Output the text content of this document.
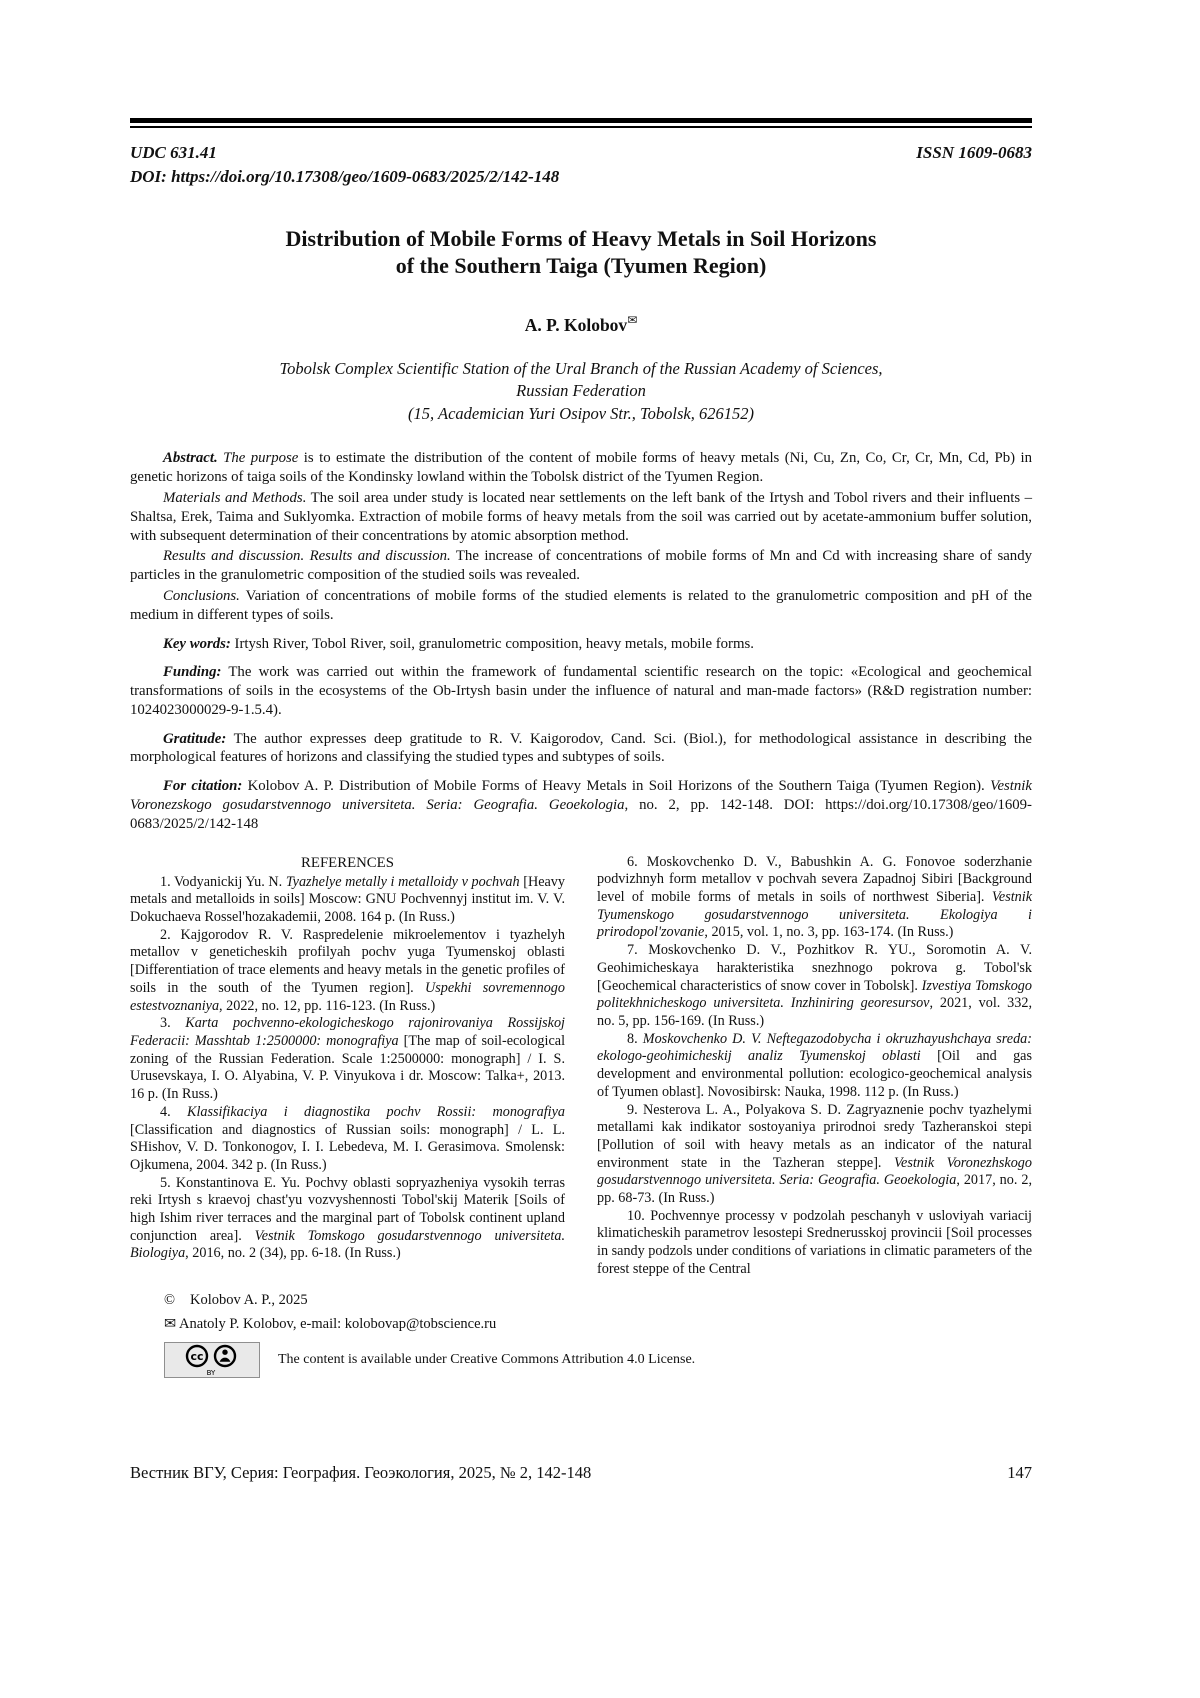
UDC 631.41	ISSN 1609-0683
DOI: https://doi.org/10.17308/geo/1609-0683/2025/2/142-148
Distribution of Mobile Forms of Heavy Metals in Soil Horizons
of the Southern Taiga (Tyumen Region)
A. P. Kolobov✉
Tobolsk Complex Scientific Station of the Ural Branch of the Russian Academy of Sciences,
Russian Federation
(15, Academician Yuri Osipov Str., Tobolsk, 626152)
Abstract. The purpose is to estimate the distribution of the content of mobile forms of heavy metals (Ni, Cu, Zn, Co, Cr, Cr, Mn, Cd, Pb) in genetic horizons of taiga soils of the Kondinsky lowland within the Tobolsk district of the Tyumen Region.
Materials and Methods. The soil area under study is located near settlements on the left bank of the Irtysh and Tobol rivers and their influents – Shaltsa, Erek, Taima and Suklyomka. Extraction of mobile forms of heavy metals from the soil was carried out by acetate-ammonium buffer solution, with subsequent determination of their concentrations by atomic absorption method.
Results and discussion. Results and discussion. The increase of concentrations of mobile forms of Mn and Cd with increasing share of sandy particles in the granulometric composition of the studied soils was revealed.
Conclusions. Variation of concentrations of mobile forms of the studied elements is related to the granulometric composition and pH of the medium in different types of soils.
Key words: Irtysh River, Tobol River, soil, granulometric composition, heavy metals, mobile forms.
Funding: The work was carried out within the framework of fundamental scientific research on the topic: «Ecological and geochemical transformations of soils in the ecosystems of the Ob-Irtysh basin under the influence of natural and man-made factors» (R&D registration number: 1024023000029-9-1.5.4).
Gratitude: The author expresses deep gratitude to R. V. Kaigorodov, Cand. Sci. (Biol.), for methodological assistance in describing the morphological features of horizons and classifying the studied types and subtypes of soils.
For citation: Kolobov A. P. Distribution of Mobile Forms of Heavy Metals in Soil Horizons of the Southern Taiga (Tyumen Region). Vestnik Voronezskogo gosudarstvennogo universiteta. Seria: Geografia. Geoekologia, no. 2, pp. 142-148. DOI: https://doi.org/10.17308/geo/1609-0683/2025/2/142-148
REFERENCES
1. Vodyanickij Yu. N. Tyazhelye metally i metalloidy v pochvah [Heavy metals and metalloids in soils] Moscow: GNU Pochvennyj institut im. V. V. Dokuchaeva Rossel'hozakademii, 2008. 164 p. (In Russ.)
2. Kajgorodov R. V. Raspredelenie mikroelementov i tyazhelyh metallov v geneticheskih profilyah pochv yuga Tyumenskoj oblasti [Differentiation of trace elements and heavy metals in the genetic profiles of soils in the south of the Tyumen region]. Uspekhi sovremennogo estestvoznaniya, 2022, no. 12, pp. 116-123. (In Russ.)
3. Karta pochvenno-ekologicheskogo rajonirovaniya Rossijskoj Federacii: Masshtab 1:2500000: monografiya [The map of soil-ecological zoning of the Russian Federation. Scale 1:2500000: monograph] / I. S. Urusevskaya, I. O. Alyabina, V. P. Vinyukova i dr. Moscow: Talka+, 2013. 16 p. (In Russ.)
4. Klassifikaciya i diagnostika pochv Rossii: monografiya [Classification and diagnostics of Russian soils: monograph] / L. L. SHishov, V. D. Tonkonogov, I. I. Lebedeva, M. I. Gerasimova. Smolensk: Ojkumena, 2004. 342 p. (In Russ.)
5. Konstantinova E. Yu. Pochvy oblasti sopryazheniya vysokih terras reki Irtysh s kraevoj chast'yu vozvyshennosti Tobol'skij Materik [Soils of high Ishim river terraces and the marginal part of Tobolsk continent upland conjunction area]. Vestnik Tomskogo gosudarstvennogo universiteta. Biologiya, 2016, no. 2 (34), pp. 6-18. (In Russ.)
6. Moskovchenko D. V., Babushkin A. G. Fonovoe soderzhanie podvizhnyh form metallov v pochvah severa Zapadnoj Sibiri [Background level of mobile forms of metals in soils of northwest Siberia]. Vestnik Tyumenskogo gosudarstvennogo universiteta. Ekologiya i prirodopol'zovanie, 2015, vol. 1, no. 3, pp. 163-174. (In Russ.)
7. Moskovchenko D. V., Pozhitkov R. YU., Soromotin A. V. Geohimicheskaya harakteristika snezhnogo pokrova g. Tobol'sk [Geochemical characteristics of snow cover in Tobolsk]. Izvestiya Tomskogo politekhnicheskogo universiteta. Inzhiniring georesursov, 2021, vol. 332, no. 5, pp. 156-169. (In Russ.)
8. Moskovchenko D. V. Neftegazodobycha i okruzhayushchaya sreda: ekologo-geohimicheskij analiz Tyumenskoj oblasti [Oil and gas development and environmental pollution: ecologico-geochemical analysis of Tyumen oblast]. Novosibirsk: Nauka, 1998. 112 p. (In Russ.)
9. Nesterova L. A., Polyakova S. D. Zagryaznenie pochv tyazhelymi metallami kak indikator sostoyaniya prirodnoi sredy Tazheranskoi stepi [Pollution of soil with heavy metals as an indicator of the natural environment state in the Tazheran steppe]. Vestnik Voronezhskogo gosudarstvennogo universiteta. Seria: Geografia. Geoekologia, 2017, no. 2, pp. 68-73. (In Russ.)
10. Pochvennye processy v podzolah peschanyh v usloviyah variacij klimaticheskih parametrov lesostepi Srednerusskoj provincii [Soil processes in sandy podzols under conditions of variations in climatic parameters of the forest steppe of the Central
© Kolobov A. P., 2025
✉ Anatoly P. Kolobov, e-mail: kolobovap@tobscience.ru
cc
BY
The content is available under Creative Commons Attribution 4.0 License.
Вестник ВГУ, Серия: География. Геоэкология, 2025, № 2, 142-148	147
